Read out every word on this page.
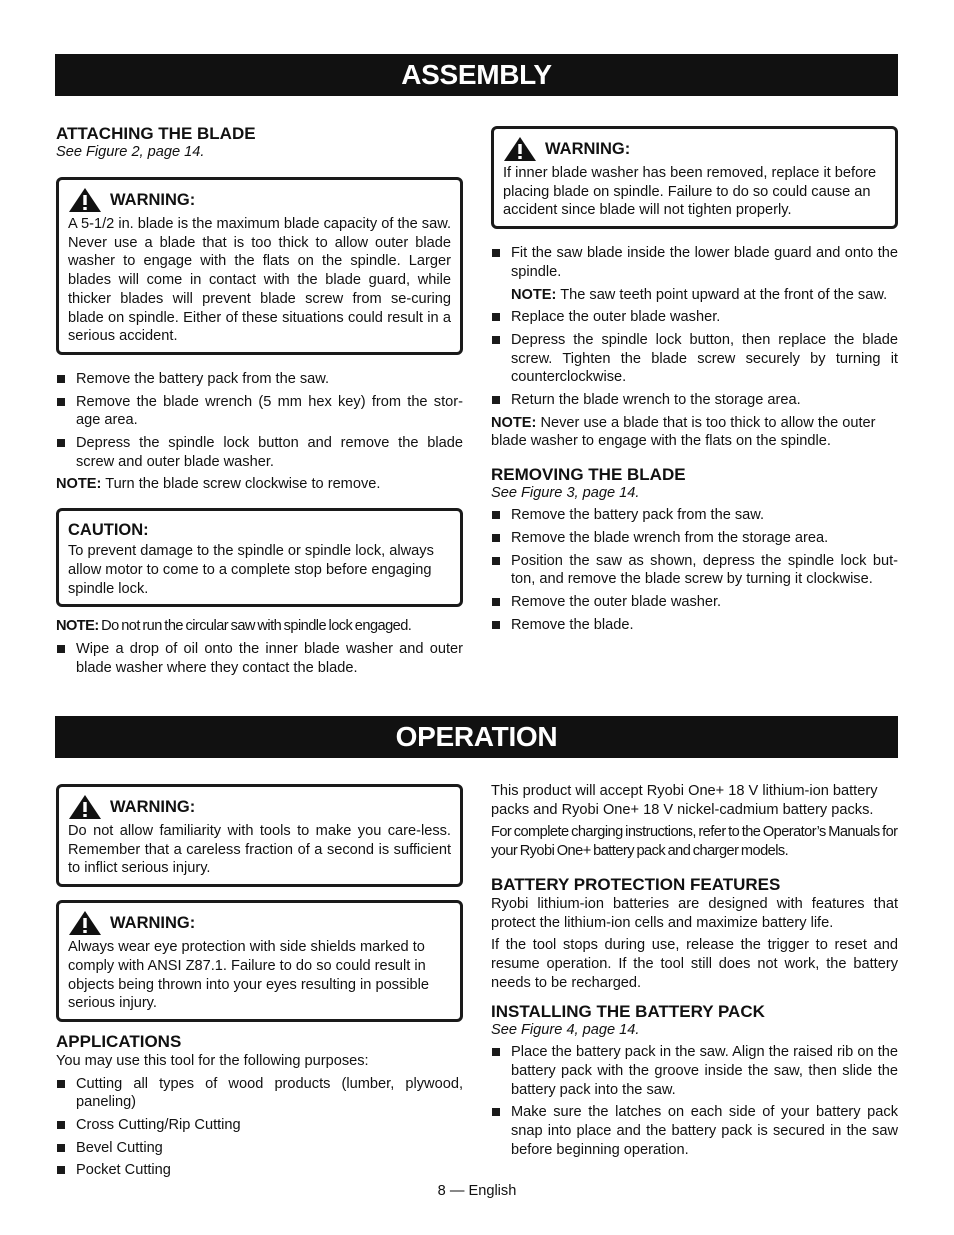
ASSEMBLY
ATTACHING THE BLADE
See Figure 2, page 14.
WARNING:

A 5-1/2 in. blade is the maximum blade capacity of the saw. Never use a blade that is too thick to allow outer blade washer to engage with the flats on the spindle. Larger blades will come in contact with the blade guard, while thicker blades will prevent blade screw from se-curing blade on spindle. Either of these situations could result in a serious accident.

Remove the battery pack from the saw.
Remove the blade wrench (5 mm hex key) from the stor-age area.
Depress the spindle lock button and remove the blade screw and outer blade washer.

NOTE: Turn the blade screw clockwise to remove.

CAUTION:

To prevent damage to the spindle or spindle lock, always allow motor to come to a complete stop before engaging spindle lock.

NOTE: Do not run the circular saw with spindle lock engaged.

Wipe a drop of oil onto the inner blade washer and outer blade washer where they contact the blade.
WARNING:

If inner blade washer has been removed, replace it before placing blade on spindle. Failure to do so could cause an accident since blade will not tighten properly.

Fit the saw blade inside the lower blade guard and onto the spindle.

NOTE: The saw teeth point upward at the front of the saw.

Replace the outer blade washer.
Depress the spindle lock button, then replace the blade screw. Tighten the blade screw securely by turning it counterclockwise.
Return the blade wrench to the storage area.

NOTE: Never use a blade that is too thick to allow the outer blade washer to engage with the flats on the spindle.

REMOVING THE BLADE
See Figure 3, page 14.
Remove the battery pack from the saw.
Remove the blade wrench from the storage area.
Position the saw as shown, depress the spindle lock but-ton, and remove the blade screw by turning it clockwise.
Remove the outer blade washer.
Remove the blade.
OPERATION
WARNING:

Do not allow familiarity with tools to make you care-less. Remember that a careless fraction of a second is sufficient to inflict serious injury.

WARNING:

Always wear eye protection with side shields marked to comply with ANSI Z87.1. Failure to do so could result in objects being thrown into your eyes resulting in possible serious injury.

APPLICATIONS

You may use this tool for the following purposes:

Cutting all types of wood products (lumber, plywood, paneling)
Cross Cutting/Rip Cutting
Bevel Cutting
Pocket Cutting

This product will accept Ryobi One+ 18 V lithium-ion battery packs and Ryobi One+ 18 V nickel-cadmium battery packs.

For complete charging instructions, refer to the Operator’s Manuals for your Ryobi One+ battery pack and charger models.

BATTERY PROTECTION FEATURES

Ryobi lithium-ion batteries are designed with features that protect the lithium-ion cells and maximize battery life.

If the tool stops during use, release the trigger to reset and resume operation. If the tool still does not work, the battery needs to be recharged.

INSTALLING THE BATTERY PACK
See Figure 4, page 14.
Place the battery pack in the saw. Align the raised rib on the battery pack with the groove inside the saw, then slide the battery pack into the saw.
Make sure the latches on each side of your battery pack snap into place and the battery pack is secured in the saw before beginning operation.
8 — English
